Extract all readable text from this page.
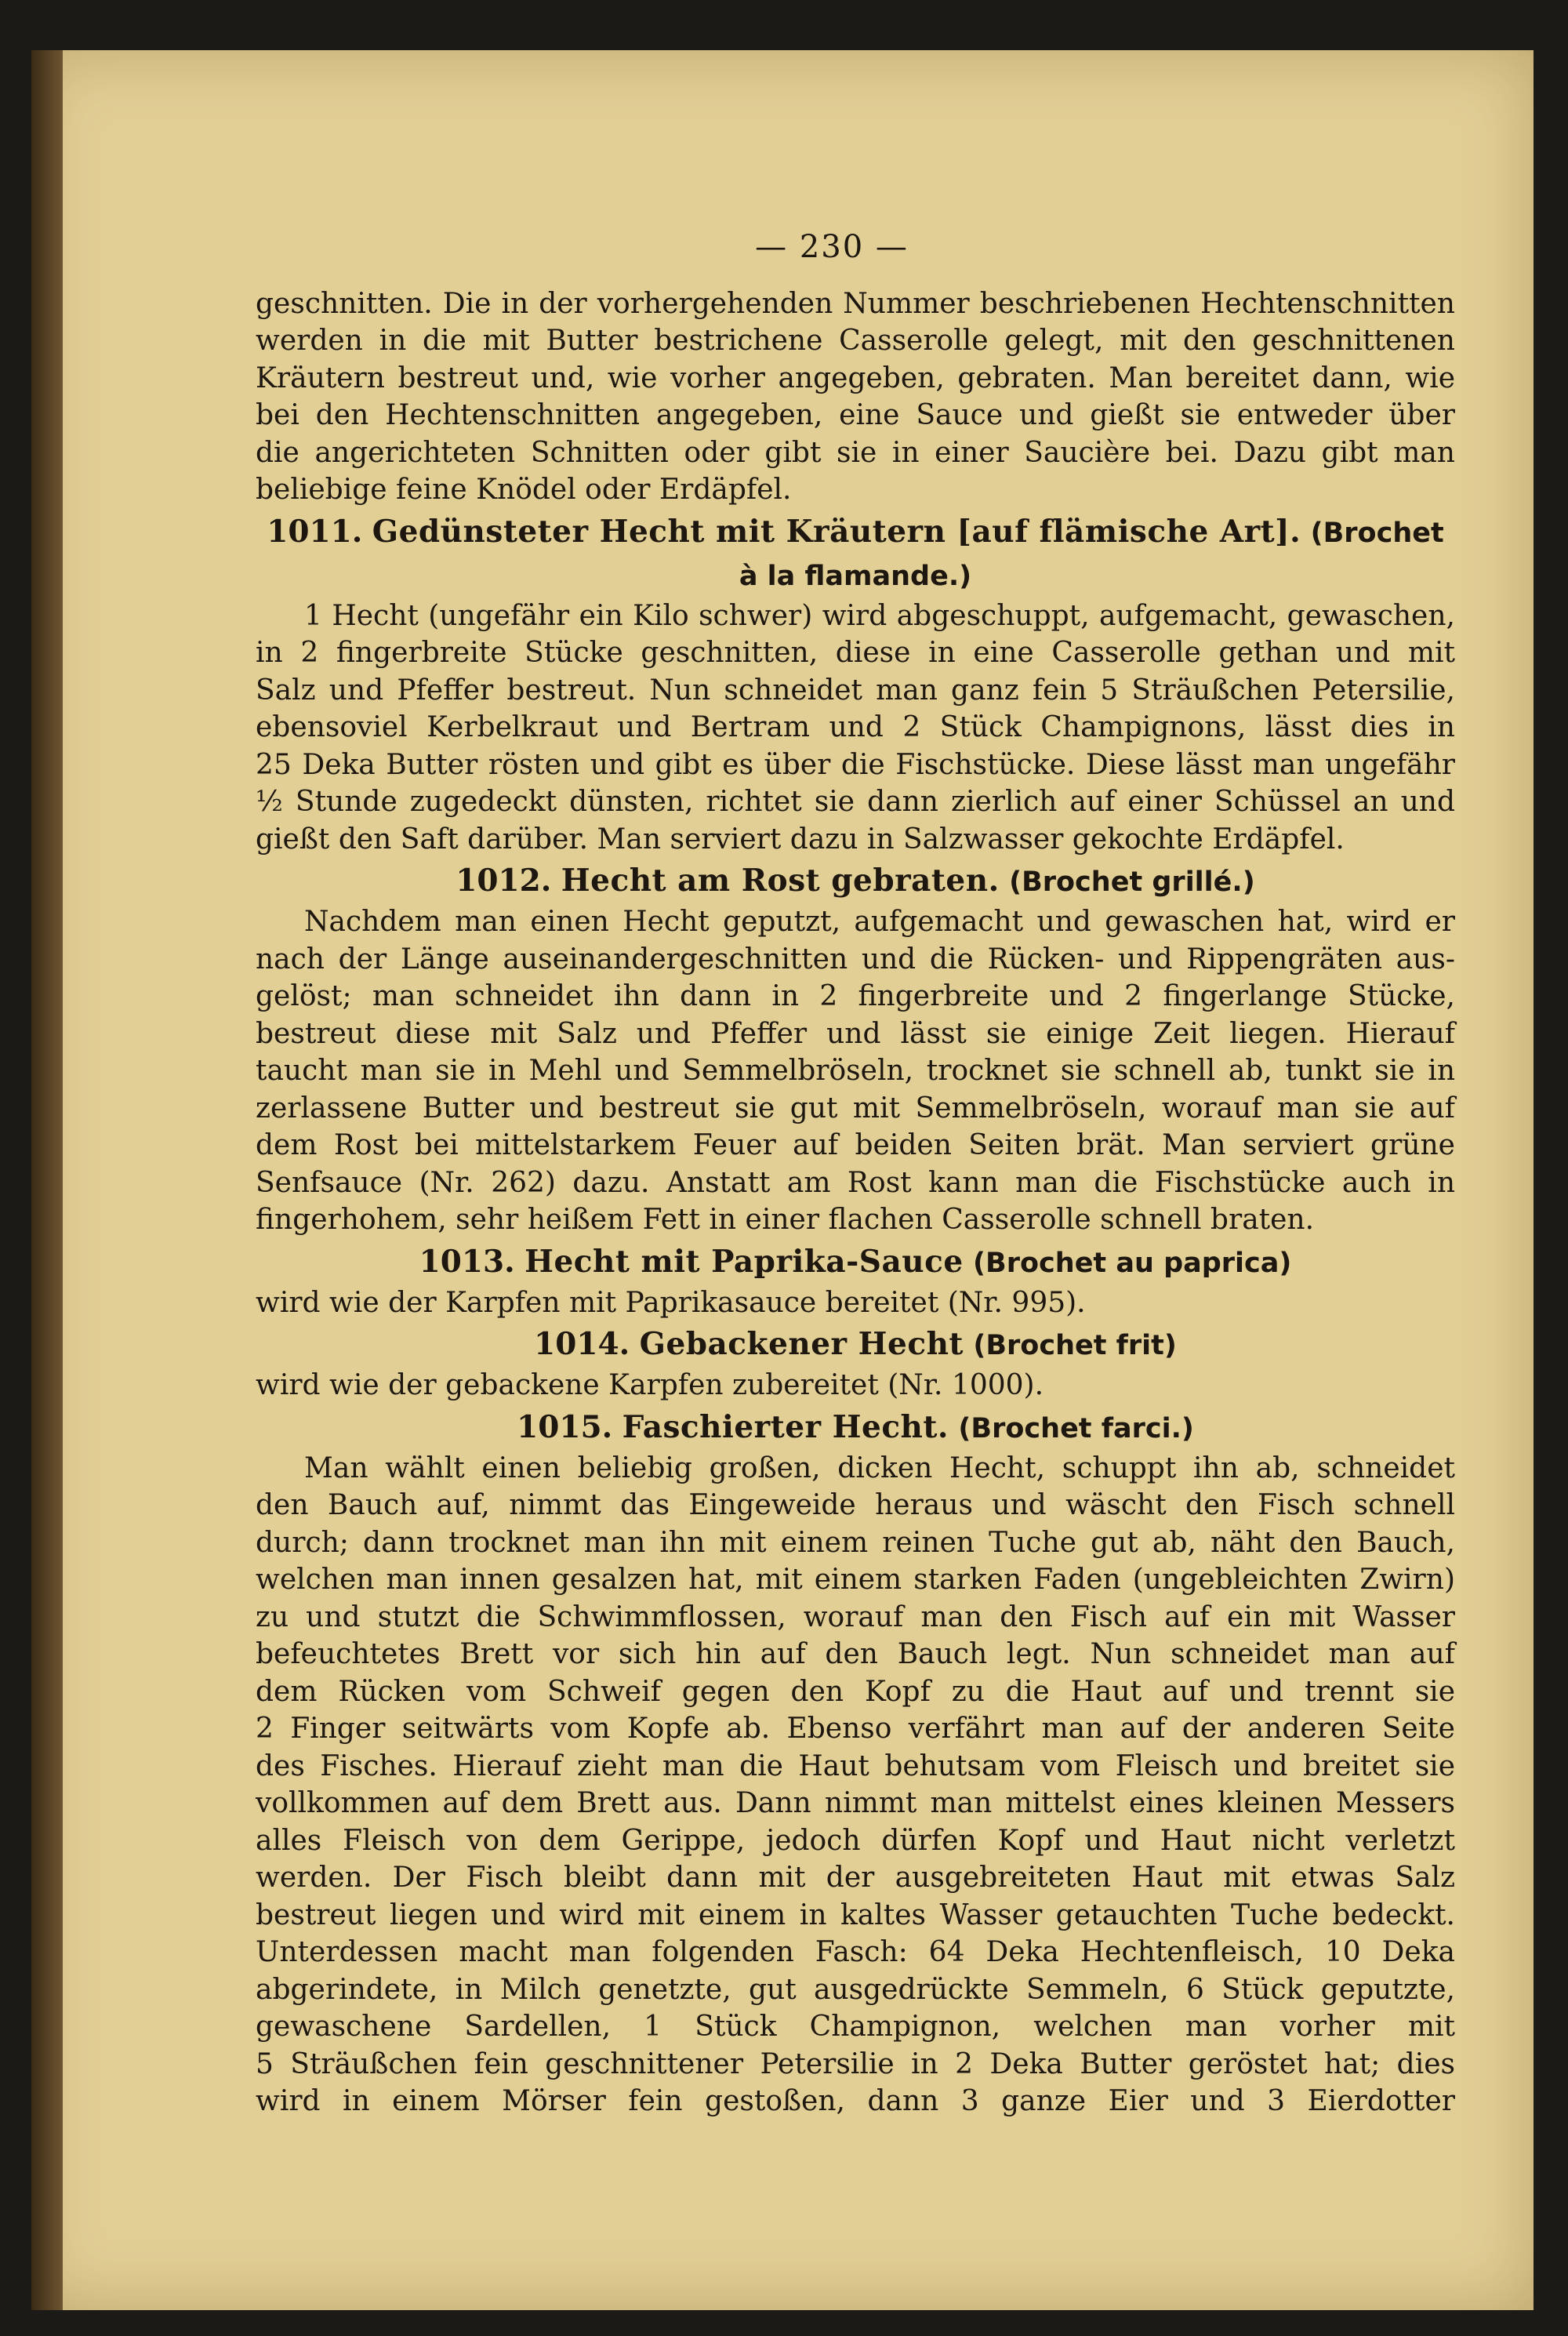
— 230 —
geschnitten. Die in der vorhergehenden Nummer beschriebenen Hechtenschnitten
werden in die mit Butter bestrichene Casserolle gelegt, mit den geschnittenen
Kräutern bestreut und, wie vorher angegeben, gebraten. Man bereitet dann, wie
bei den Hechtenschnitten angegeben, eine Sauce und gießt sie entweder über
die angerichteten Schnitten oder gibt sie in einer Saucière bei. Dazu gibt man
beliebige feine Knödel oder Erdäpfel.
1011. Gedünsteter Hecht mit Kräutern [auf flämische Art]. (Brochet
à la flamande.)
1 Hecht (ungefähr ein Kilo schwer) wird abgeschuppt, aufgemacht, gewaschen,
in 2 fingerbreite Stücke geschnitten, diese in eine Casserolle gethan und mit
Salz und Pfeffer bestreut. Nun schneidet man ganz fein 5 Sträußchen Petersilie,
ebensoviel Kerbelkraut und Bertram und 2 Stück Champignons, lässt dies in
25 Deka Butter rösten und gibt es über die Fischstücke. Diese lässt man ungefähr
½ Stunde zugedeckt dünsten, richtet sie dann zierlich auf einer Schüssel an und
gießt den Saft darüber. Man serviert dazu in Salzwasser gekochte Erdäpfel.
1012. Hecht am Rost gebraten. (Brochet grillé.)
Nachdem man einen Hecht geputzt, aufgemacht und gewaschen hat, wird er
nach der Länge auseinandergeschnitten und die Rücken- und Rippengräten aus-
gelöst; man schneidet ihn dann in 2 fingerbreite und 2 fingerlange Stücke,
bestreut diese mit Salz und Pfeffer und lässt sie einige Zeit liegen. Hierauf
taucht man sie in Mehl und Semmelbröseln, trocknet sie schnell ab, tunkt sie in
zerlassene Butter und bestreut sie gut mit Semmelbröseln, worauf man sie auf
dem Rost bei mittelstarkem Feuer auf beiden Seiten brät. Man serviert grüne
Senfsauce (Nr. 262) dazu. Anstatt am Rost kann man die Fischstücke auch in
fingerhohem, sehr heißem Fett in einer flachen Casserolle schnell braten.
1013. Hecht mit Paprika-Sauce (Brochet au paprica)
wird wie der Karpfen mit Paprikasauce bereitet (Nr. 995).
1014. Gebackener Hecht (Brochet frit)
wird wie der gebackene Karpfen zubereitet (Nr. 1000).
1015. Faschierter Hecht. (Brochet farci.)
Man wählt einen beliebig großen, dicken Hecht, schuppt ihn ab, schneidet
den Bauch auf, nimmt das Eingeweide heraus und wäscht den Fisch schnell
durch; dann trocknet man ihn mit einem reinen Tuche gut ab, näht den Bauch,
welchen man innen gesalzen hat, mit einem starken Faden (ungebleichten Zwirn)
zu und stutzt die Schwimmflossen, worauf man den Fisch auf ein mit Wasser
befeuchtetes Brett vor sich hin auf den Bauch legt. Nun schneidet man auf
dem Rücken vom Schweif gegen den Kopf zu die Haut auf und trennt sie
2 Finger seitwärts vom Kopfe ab. Ebenso verfährt man auf der anderen Seite
des Fisches. Hierauf zieht man die Haut behutsam vom Fleisch und breitet sie
vollkommen auf dem Brett aus. Dann nimmt man mittelst eines kleinen Messers
alles Fleisch von dem Gerippe, jedoch dürfen Kopf und Haut nicht verletzt
werden. Der Fisch bleibt dann mit der ausgebreiteten Haut mit etwas Salz
bestreut liegen und wird mit einem in kaltes Wasser getauchten Tuche bedeckt.
Unterdessen macht man folgenden Fasch: 64 Deka Hechtenfleisch, 10 Deka
abgerindete, in Milch genetzte, gut ausgedrückte Semmeln, 6 Stück geputzte,
gewaschene Sardellen, 1 Stück Champignon, welchen man vorher mit
5 Sträußchen fein geschnittener Petersilie in 2 Deka Butter geröstet hat; dies
wird in einem Mörser fein gestoßen, dann 3 ganze Eier und 3 Eierdotter
